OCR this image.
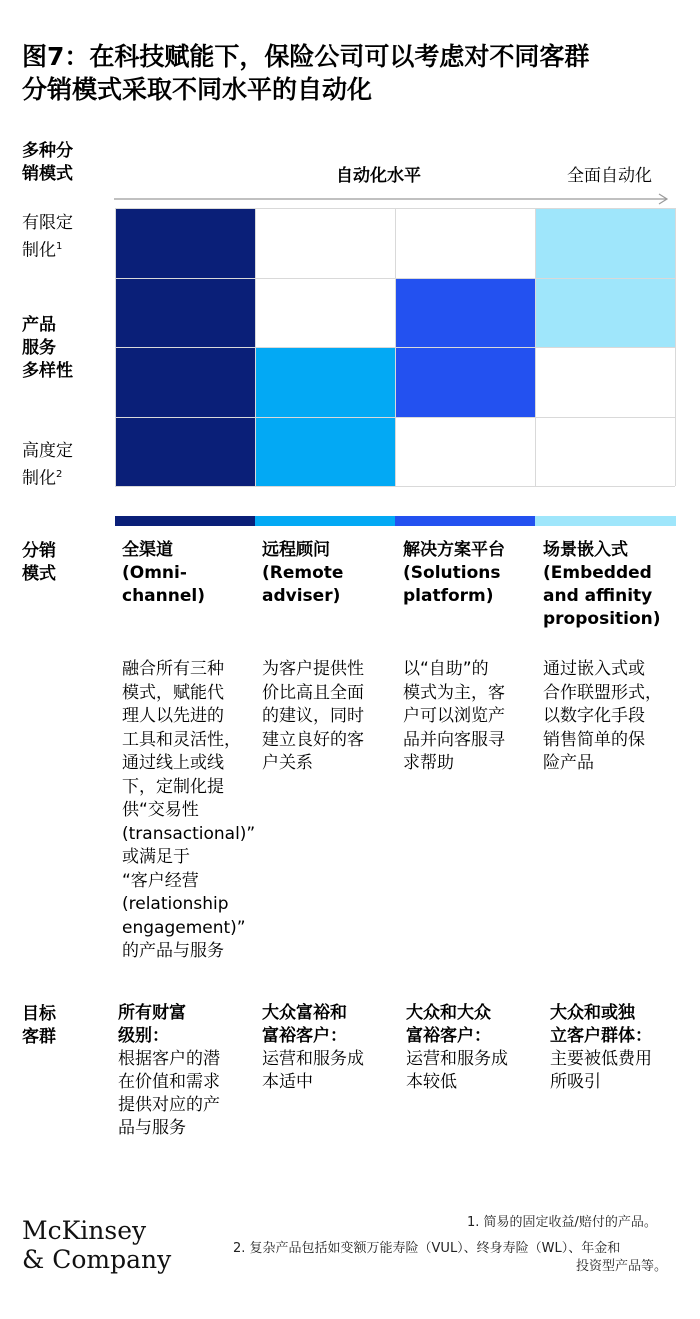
图7：在科技赋能下，保险公司可以考虑对不同客群
分销模式采取不同水平的自动化
多种分
销模式	自动化水平	全面自动化
有限定
制化$^1$
产品
服务
多样性
高度定
制化$^2$
分销
模式
目标
客群
全渠道
(Omni-
channel)
融合所有三种
模式，赋能代
理人以先进的
工具和灵活性，
通过线上或线
下，定制化提
供“交易性
(transactional)”
或满足于
“客户经营
(relationship
engagement)”
的产品与服务
所有财富
级别：
根据客户的潜
在价值和需求
提供对应的产
品与服务
远程顾问
(Remote
adviser)
为客户提供性
价比高且全面
的建议，同时
建立良好的客
户关系
大众富裕和
富裕客户：
运营和服务成
本适中
解决方案平台
(Solutions
platform)
以“自助”的
模式为主，客
户可以浏览产
品并向客服寻
求帮助
大众和大众
富裕客户：
运营和服务成
本较低
场景嵌入式
(Embedded
and affinity
proposition)
通过嵌入式或
合作联盟形式，
以数字化手段
销售简单的保
险产品
大众和或独
立客户群体：
主要被低费用
所吸引
McKinsey
& Company
1. 简易的固定收益/赔付的产品。
2. 复杂产品包括如变额万能寿险（VUL）、终身寿险（WL）、年金和
投资型产品等。
